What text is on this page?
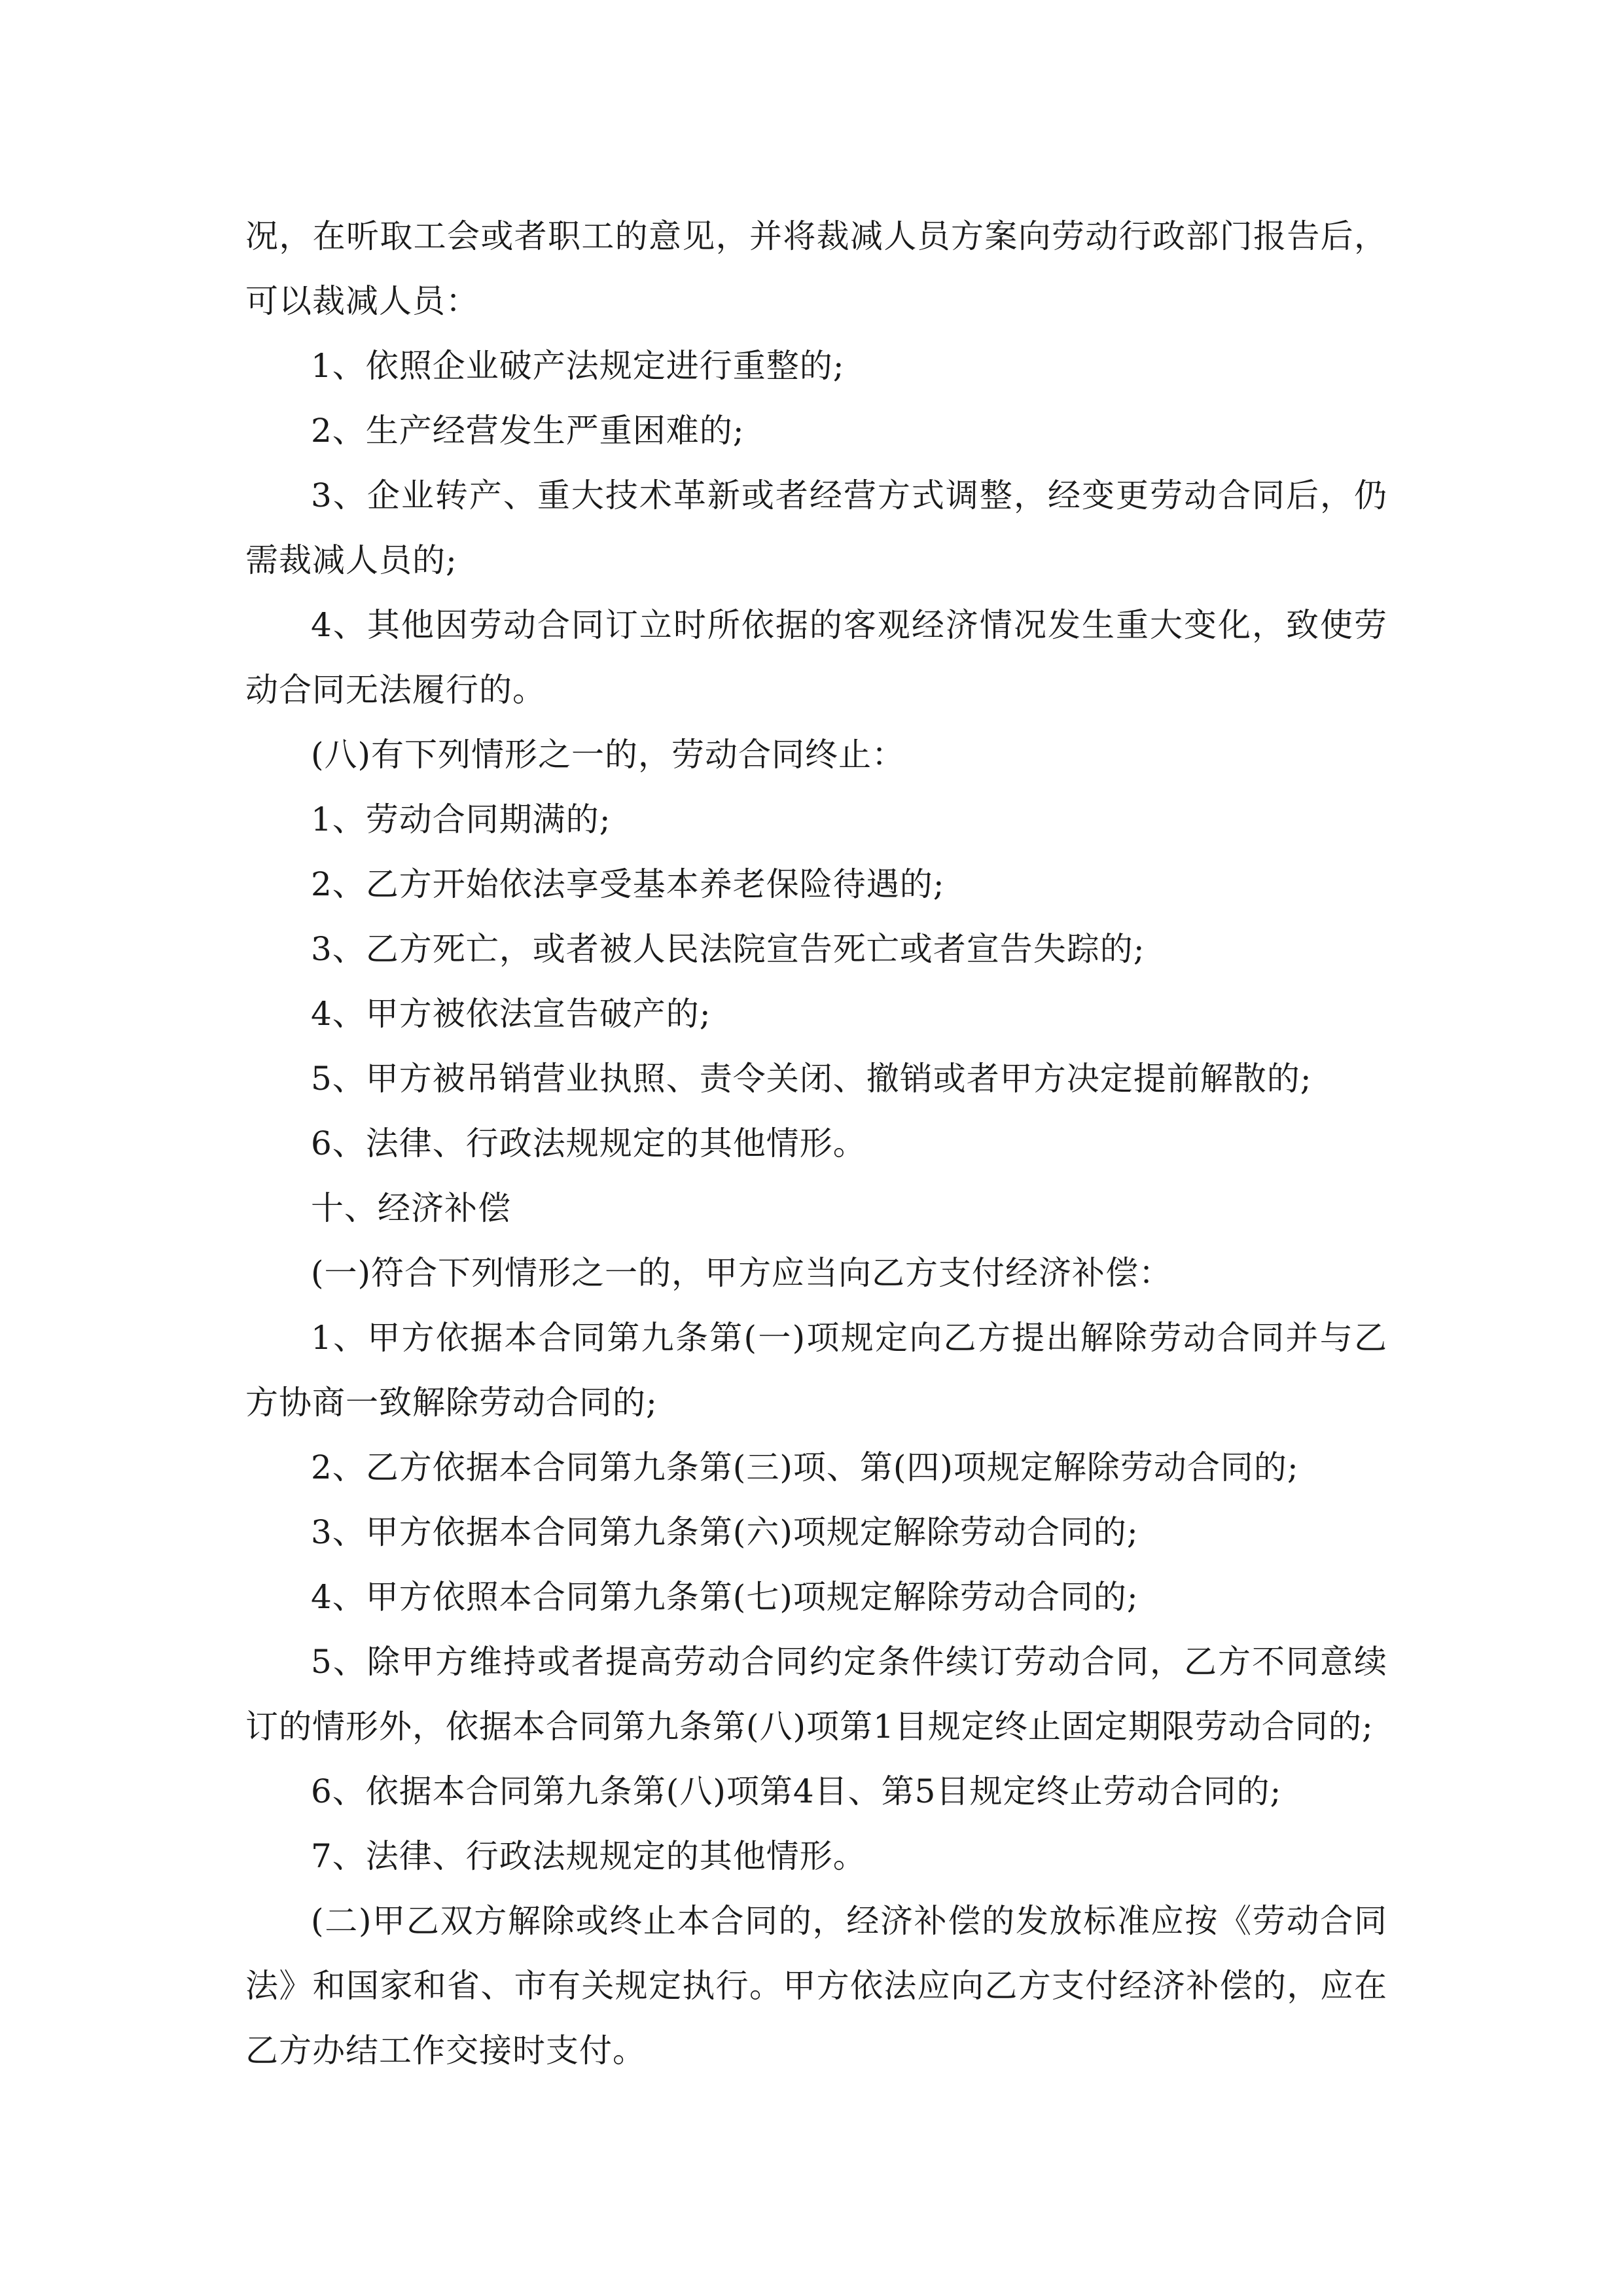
况，在听取工会或者职工的意见，并将裁减人员方案向劳动行政部门报告后，可以裁减人员：

1、依照企业破产法规定进行重整的;

2、生产经营发生严重困难的;

3、企业转产、重大技术革新或者经营方式调整，经变更劳动合同后，仍需裁减人员的;

4、其他因劳动合同订立时所依据的客观经济情况发生重大变化，致使劳动合同无法履行的。

(八)有下列情形之一的，劳动合同终止：

1、劳动合同期满的;

2、乙方开始依法享受基本养老保险待遇的;

3、乙方死亡，或者被人民法院宣告死亡或者宣告失踪的;

4、甲方被依法宣告破产的;

5、甲方被吊销营业执照、责令关闭、撤销或者甲方决定提前解散的;

6、法律、行政法规规定的其他情形。

十、经济补偿

(一)符合下列情形之一的，甲方应当向乙方支付经济补偿：

1、甲方依据本合同第九条第(一)项规定向乙方提出解除劳动合同并与乙方协商一致解除劳动合同的;

2、乙方依据本合同第九条第(三)项、第(四)项规定解除劳动合同的;

3、甲方依据本合同第九条第(六)项规定解除劳动合同的;

4、甲方依照本合同第九条第(七)项规定解除劳动合同的;

5、除甲方维持或者提高劳动合同约定条件续订劳动合同，乙方不同意续订的情形外，依据本合同第九条第(八)项第1目规定终止固定期限劳动合同的;

6、依据本合同第九条第(八)项第4目、第5目规定终止劳动合同的;

7、法律、行政法规规定的其他情形。

(二)甲乙双方解除或终止本合同的，经济补偿的发放标准应按《劳动合同法》和国家和省、市有关规定执行。甲方依法应向乙方支付经济补偿的，应在乙方办结工作交接时支付。
